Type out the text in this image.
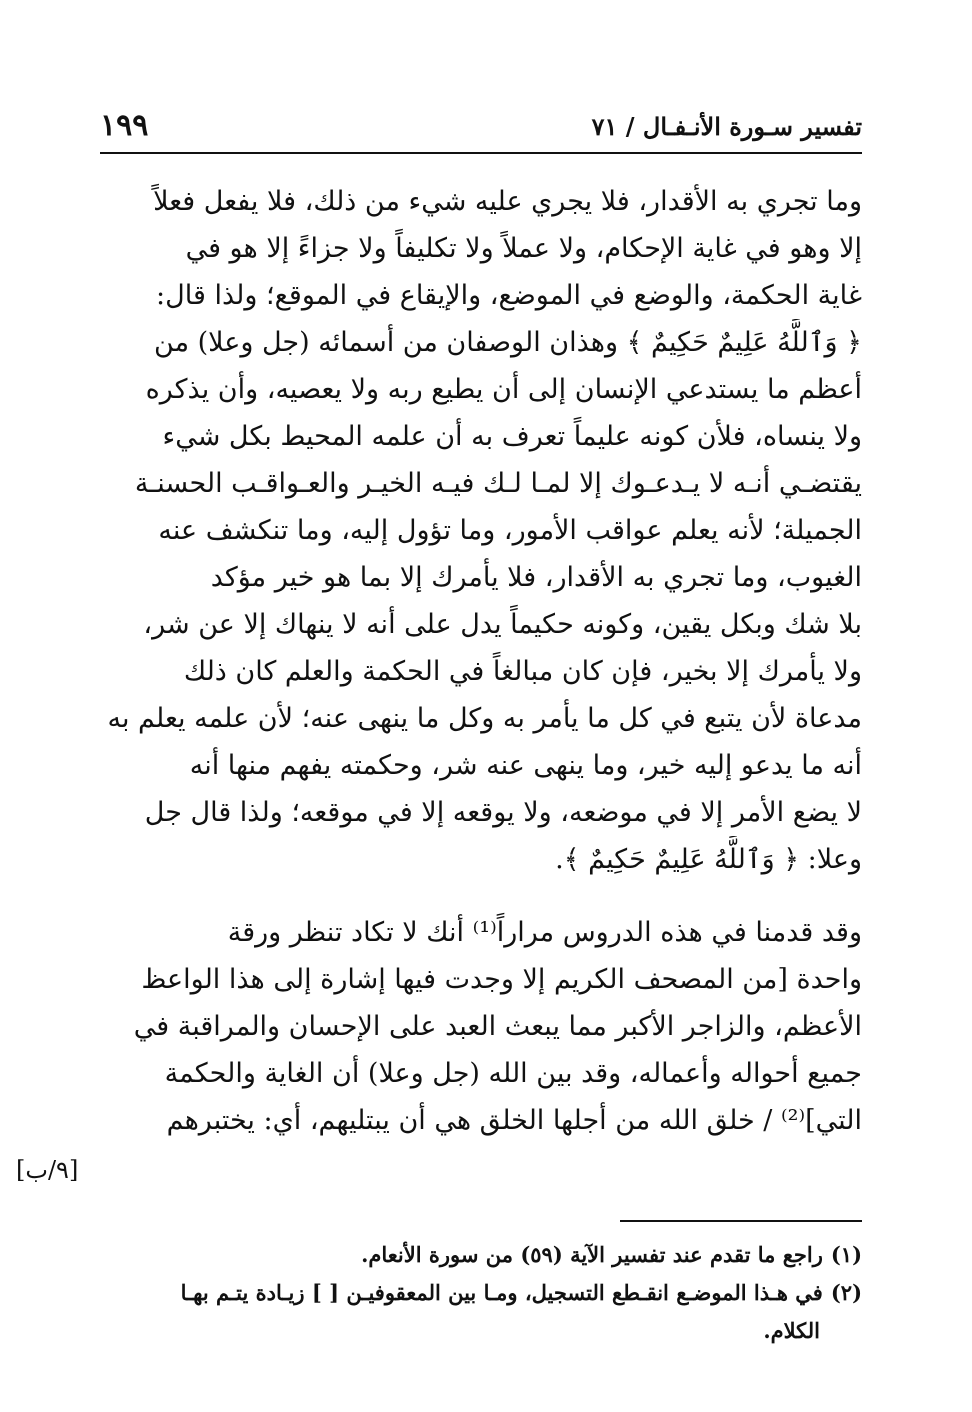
تفسير سـورة الأنـفـال / ٧١
١٩٩
وما تجري به الأقدار، فلا يجري عليه شيء من ذلك، فلا يفعل فعلاً
إلا وهو في غاية الإحكام، ولا عملاً ولا تكليفاً ولا جزاءً إلا هو في
غاية الحكمة، والوضع في الموضع، والإيقاع في الموقع؛ ولذا قال:
﴿ وَٱللَّهُ عَلِيمٌ حَكِيمٌ ﴾ وهذان الوصفان من أسمائه (جل وعلا) من
أعظم ما يستدعي الإنسان إلى أن يطيع ربه ولا يعصيه، وأن يذكره
ولا ينساه، فلأن كونه عليماً تعرف به أن علمه المحيط بكل شيء
يقتضـي أنـه لا يـدعـوك إلا لمـا لـك فيـه الخيـر والعـواقـب الحسنـة
الجميلة؛ لأنه يعلم عواقب الأمور، وما تؤول إليه، وما تنكشف عنه
الغيوب، وما تجري به الأقدار، فلا يأمرك إلا بما هو خير مؤكد
بلا شك وبكل يقين، وكونه حكيماً يدل على أنه لا ينهاك إلا عن شر،
ولا يأمرك إلا بخير، فإن كان مبالغاً في الحكمة والعلم كان ذلك
مدعاة لأن يتبع في كل ما يأمر به وكل ما ينهى عنه؛ لأن علمه يعلم به
أنه ما يدعو إليه خير، وما ينهى عنه شر، وحكمته يفهم منها أنه
لا يضع الأمر إلا في موضعه، ولا يوقعه إلا في موقعه؛ ولذا قال جل
وعلا: ﴿ وَٱللَّهُ عَلِيمٌ حَكِيمٌ ﴾.
وقد قدمنا في هذه الدروس مراراً⁽¹⁾ أنك لا تكاد تنظر ورقة
واحدة [من المصحف الكريم إلا وجدت فيها إشارة إلى هذا الواعظ
الأعظم، والزاجر الأكبر مما يبعث العبد على الإحسان والمراقبة في
جميع أحواله وأعماله، وقد بين الله (جل وعلا) أن الغاية والحكمة
التي]⁽²⁾ / خلق الله من أجلها الخلق هي أن يبتليهم، أي: يختبرهم
[٩/ب]
(١)راجع ما تقدم عند تفسير الآية (٥٩) من سورة الأنعام.
(٢)في هـذا الموضـع انقـطع التسجيل، ومـا بين المعقوفيـن [ ] زيـادة يتـم بهـا
الكلام.
